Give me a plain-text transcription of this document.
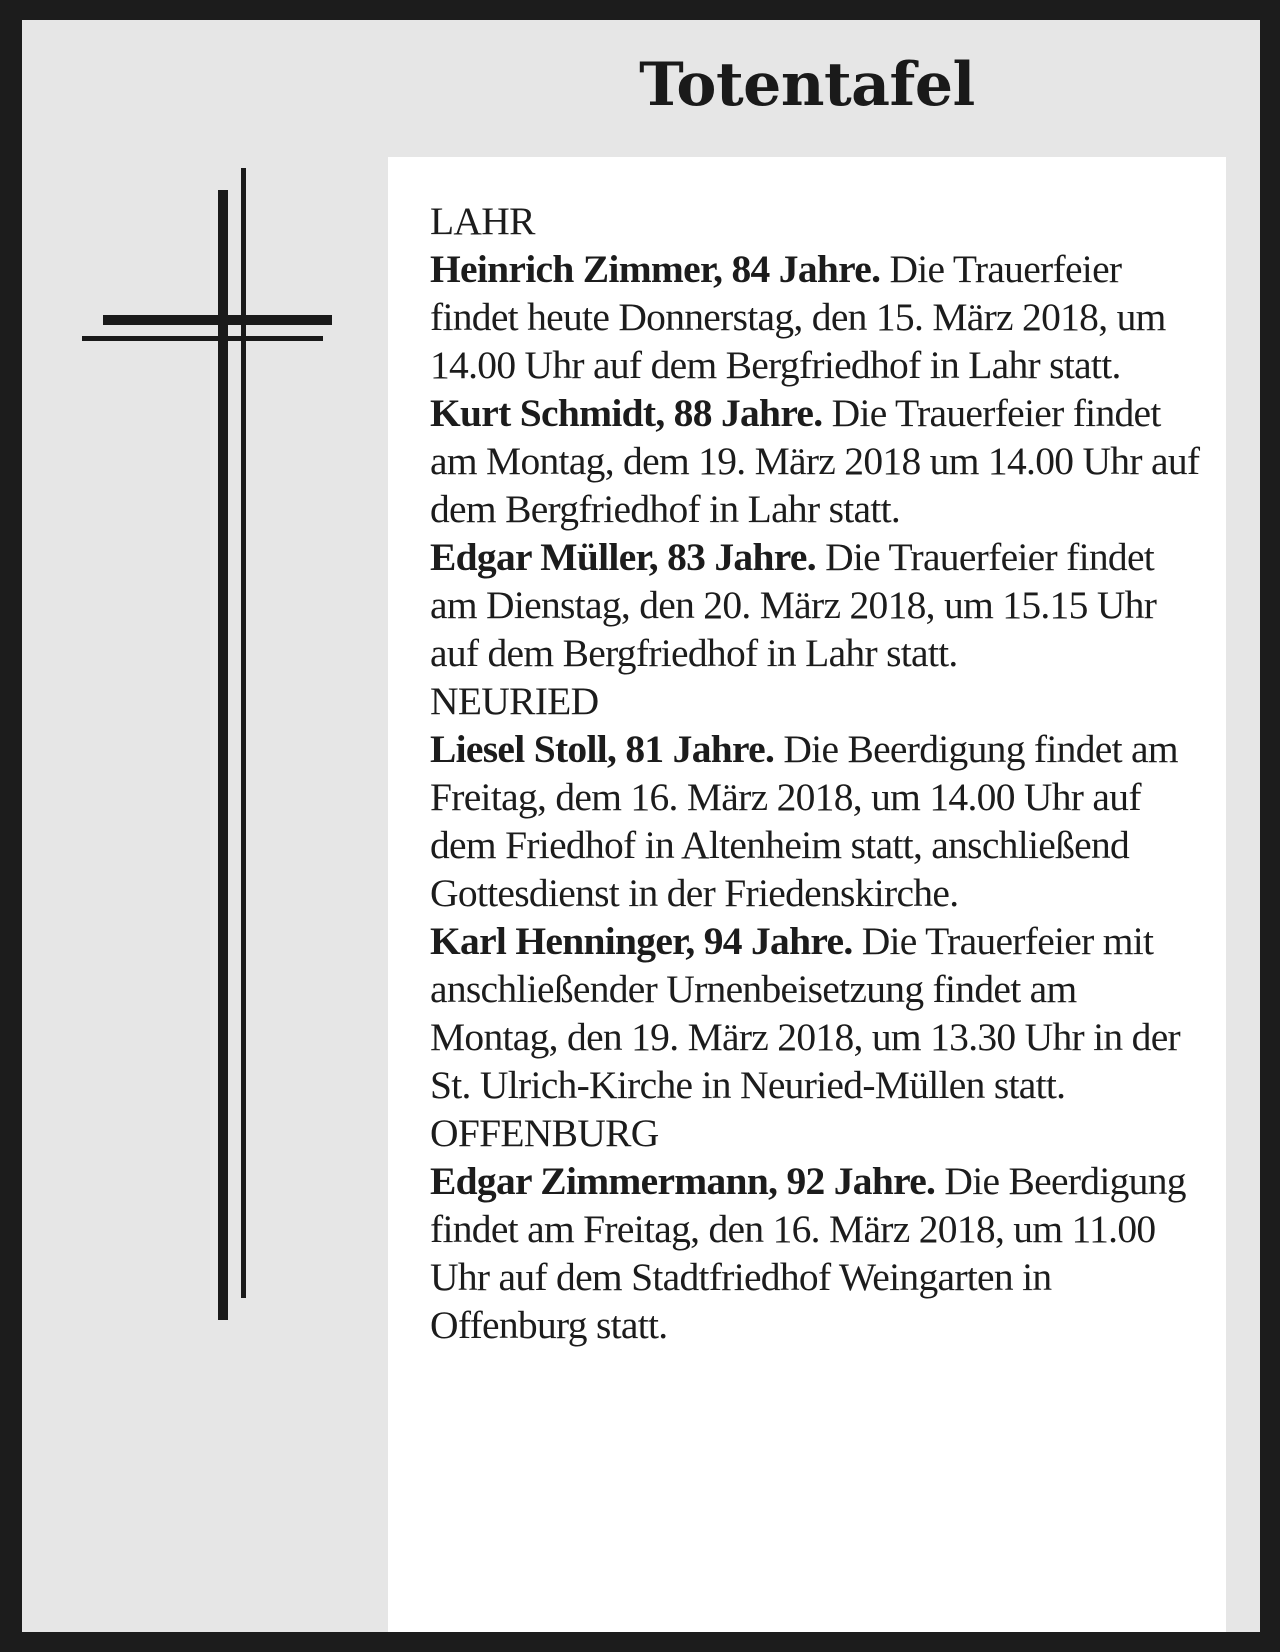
Totentafel
LAHR
Heinrich Zimmer, 84 Jahre. Die Trauerfeier findet heute Donnerstag, den 15. März 2018, um 14.00 Uhr auf dem Bergfriedhof in Lahr statt.
Kurt Schmidt, 88 Jahre. Die Trauerfeier findet am Montag, dem 19. März 2018 um 14.00 Uhr auf dem Bergfriedhof in Lahr statt.
Edgar Müller, 83 Jahre. Die Trauerfeier findet am Dienstag, den 20. März 2018, um 15.15 Uhr auf dem Bergfriedhof in Lahr statt.
NEURIED
Liesel Stoll, 81 Jahre. Die Beerdigung findet am Freitag, dem 16. März 2018, um 14.00 Uhr auf dem Friedhof in Altenheim statt, anschließend Gottesdienst in der Friedenskirche.
Karl Henninger, 94 Jahre. Die Trauerfeier mit anschließender Urnenbeisetzung findet am Montag, den 19. März 2018, um 13.30 Uhr in der St. Ulrich-Kirche in Neuried-Müllen statt.
OFFENBURG
Edgar Zimmermann, 92 Jahre. Die Beerdigung findet am Freitag, den 16. März 2018, um 11.00 Uhr auf dem Stadtfriedhof Weingarten in Offenburg statt.
